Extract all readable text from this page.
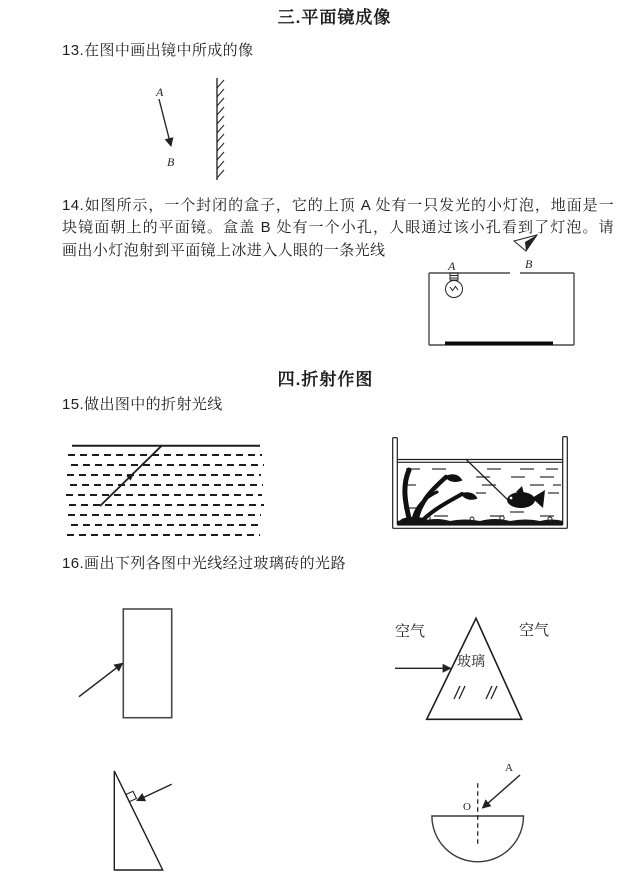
三.平面镜成像
13.在图中画出镜中所成的像
A
B
14.如图所示，一个封闭的盒子，它的上顶 A 处有一只发光的小灯泡，地面是一
块镜面朝上的平面镜。盒盖 B 处有一个小孔，人眼通过该小孔看到了灯泡。请
画出小灯泡射到平面镜上冰进入人眼的一条光线
A	B
四.折射作图
15.做出图中的折射光线
16.画出下列各图中光线经过玻璃砖的光路
空气	空气
玻璃
O
A
